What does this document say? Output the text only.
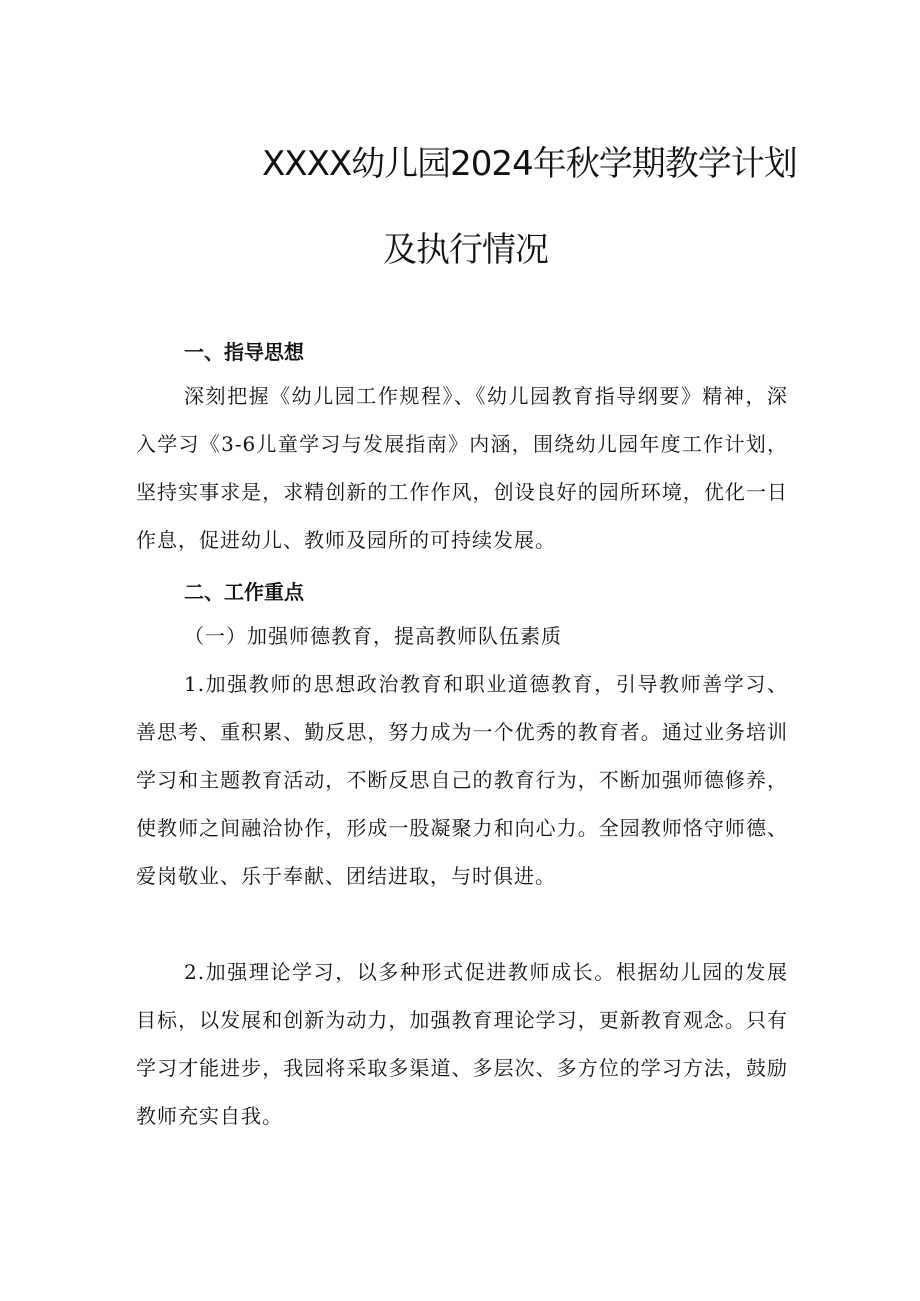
XXXX幼儿园2024年秋学期教学计划
及执行情况
一、指导思想

深刻把握《幼儿园工作规程》、《幼儿园教育指导纲要》精神，深入学习《3-6儿童学习与发展指南》内涵，围绕幼儿园年度工作计划，坚持实事求是，求精创新的工作作风，创设良好的园所环境，优化一日作息，促进幼儿、教师及园所的可持续发展。

二、工作重点

（一）加强师德教育，提高教师队伍素质

1.加强教师的思想政治教育和职业道德教育，引导教师善学习、善思考、重积累、勤反思，努力成为一个优秀的教育者。通过业务培训学习和主题教育活动，不断反思自己的教育行为，不断加强师德修养，使教师之间融洽协作，形成一股凝聚力和向心力。全园教师恪守师德、爱岗敬业、乐于奉献、团结进取，与时俱进。

2.加强理论学习，以多种形式促进教师成长。根据幼儿园的发展目标，以发展和创新为动力，加强教育理论学习，更新教育观念。只有学习才能进步，我园将采取多渠道、多层次、多方位的学习方法，鼓励教师充实自我。
